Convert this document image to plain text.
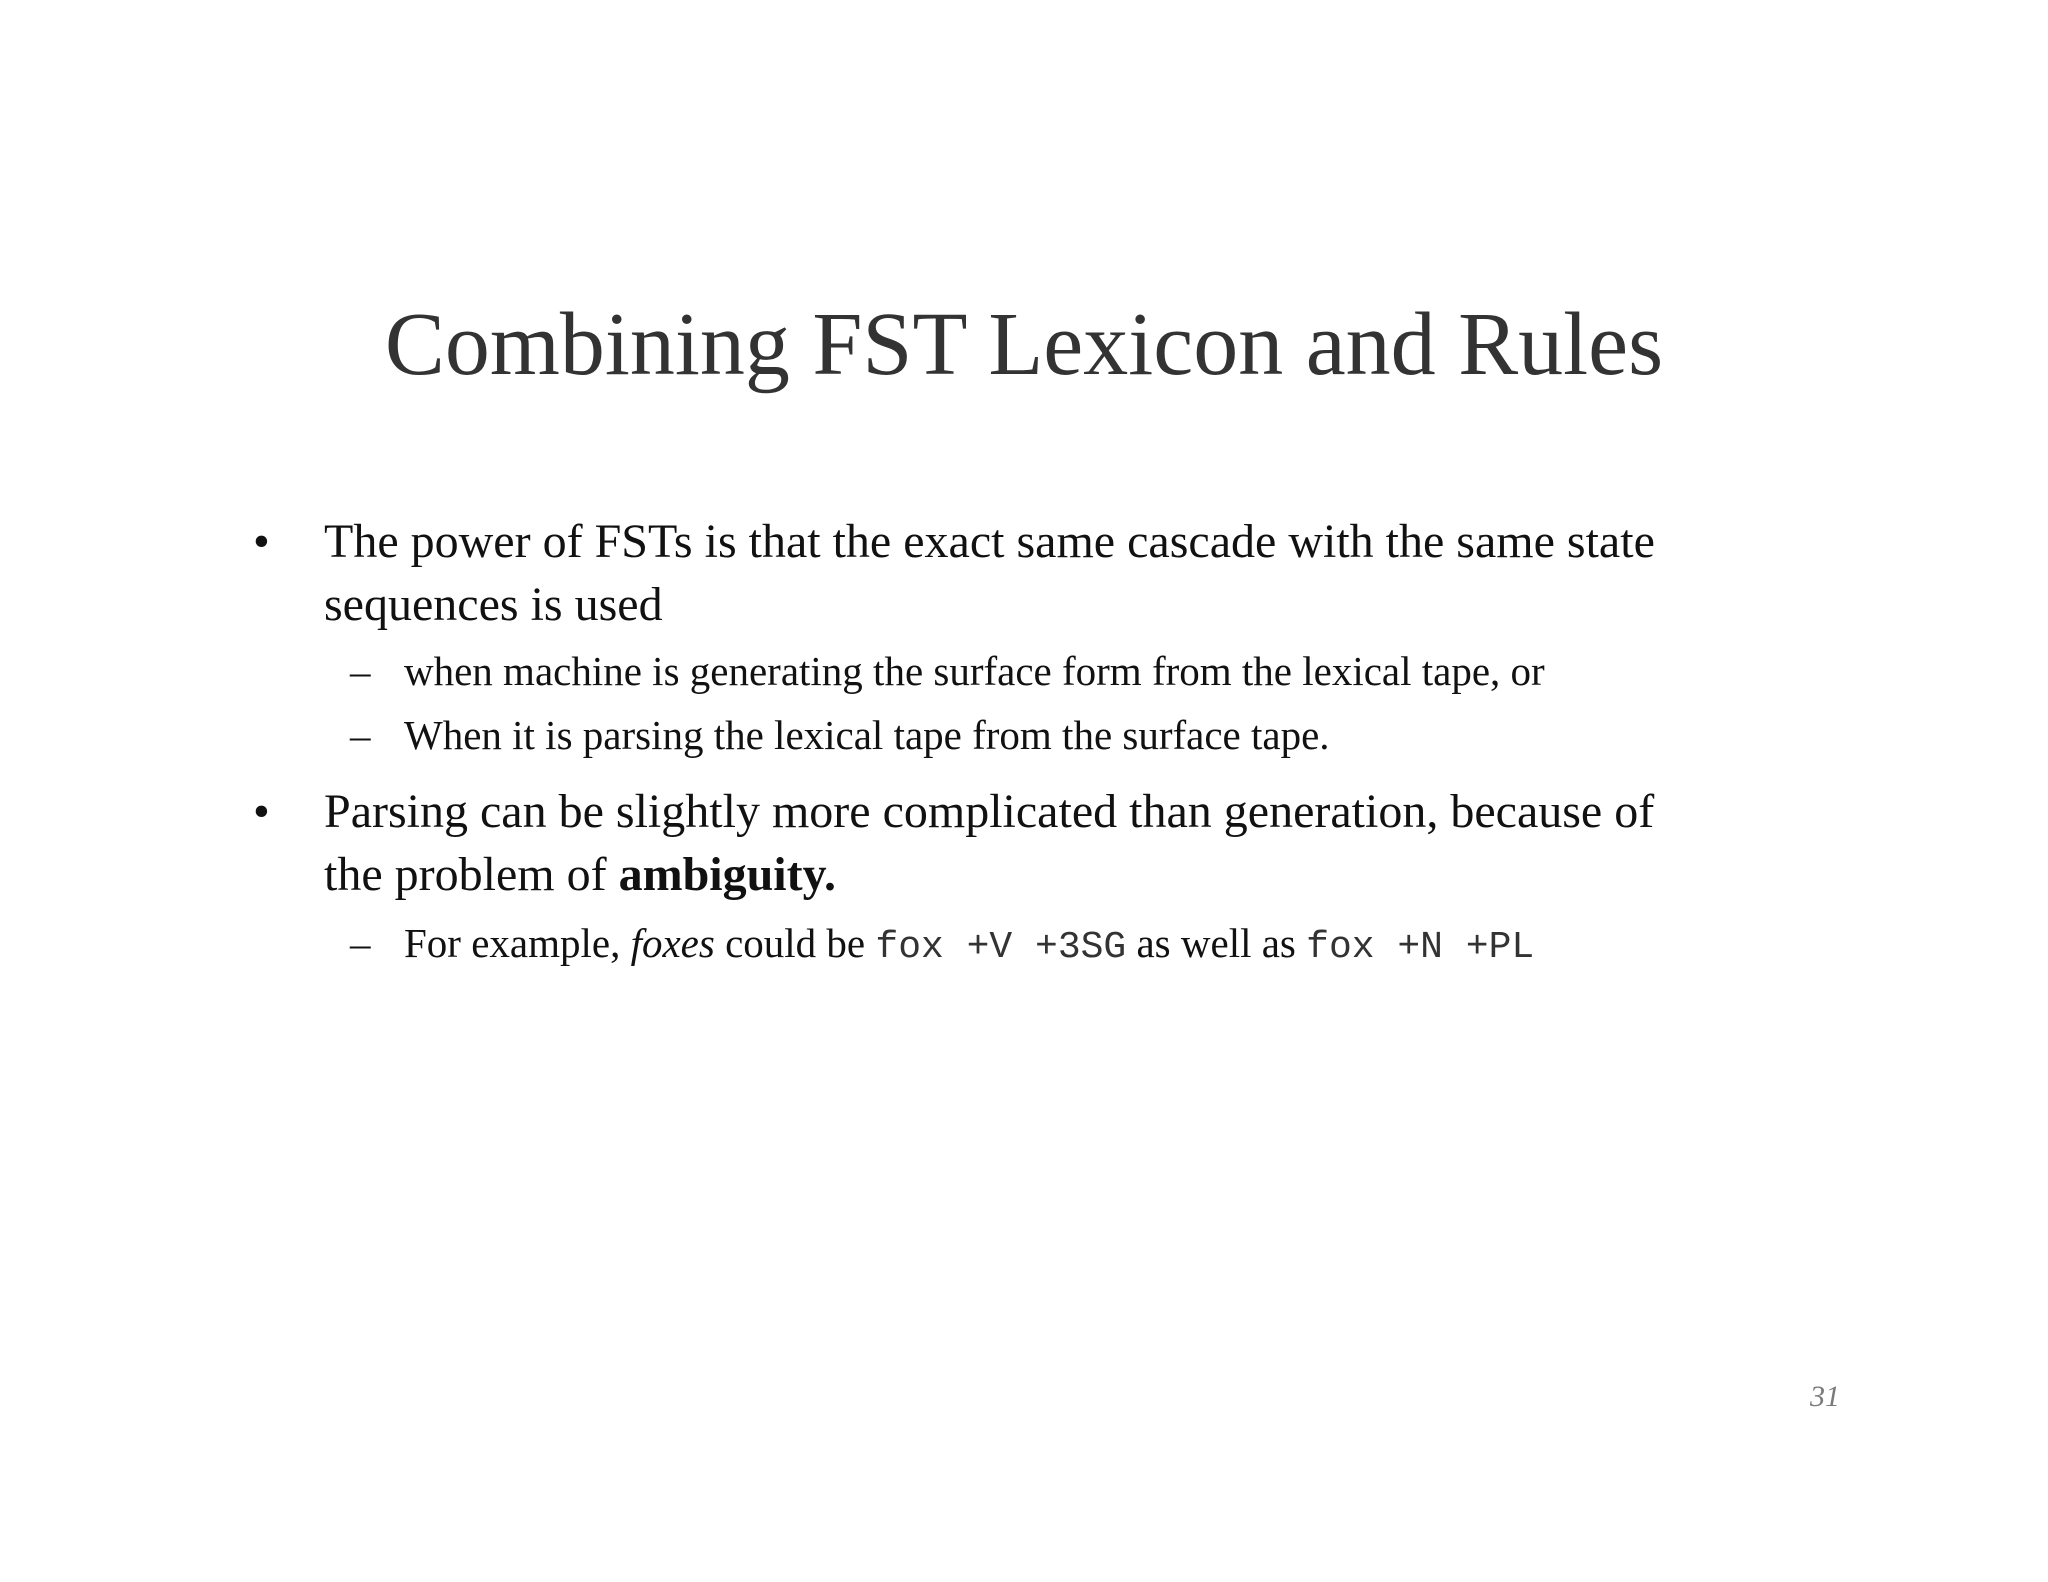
Combining FST Lexicon and Rules
• The power of FSTs is that the exact same cascade with the same state
sequences is used
– when machine is generating the surface form from the lexical tape, or
– When it is parsing the lexical tape from the surface tape.
• Parsing can be slightly more complicated than generation, because of
the problem of ambiguity.
– For example, foxes could be fox +V +3SG as well as fox +N +PL
31
